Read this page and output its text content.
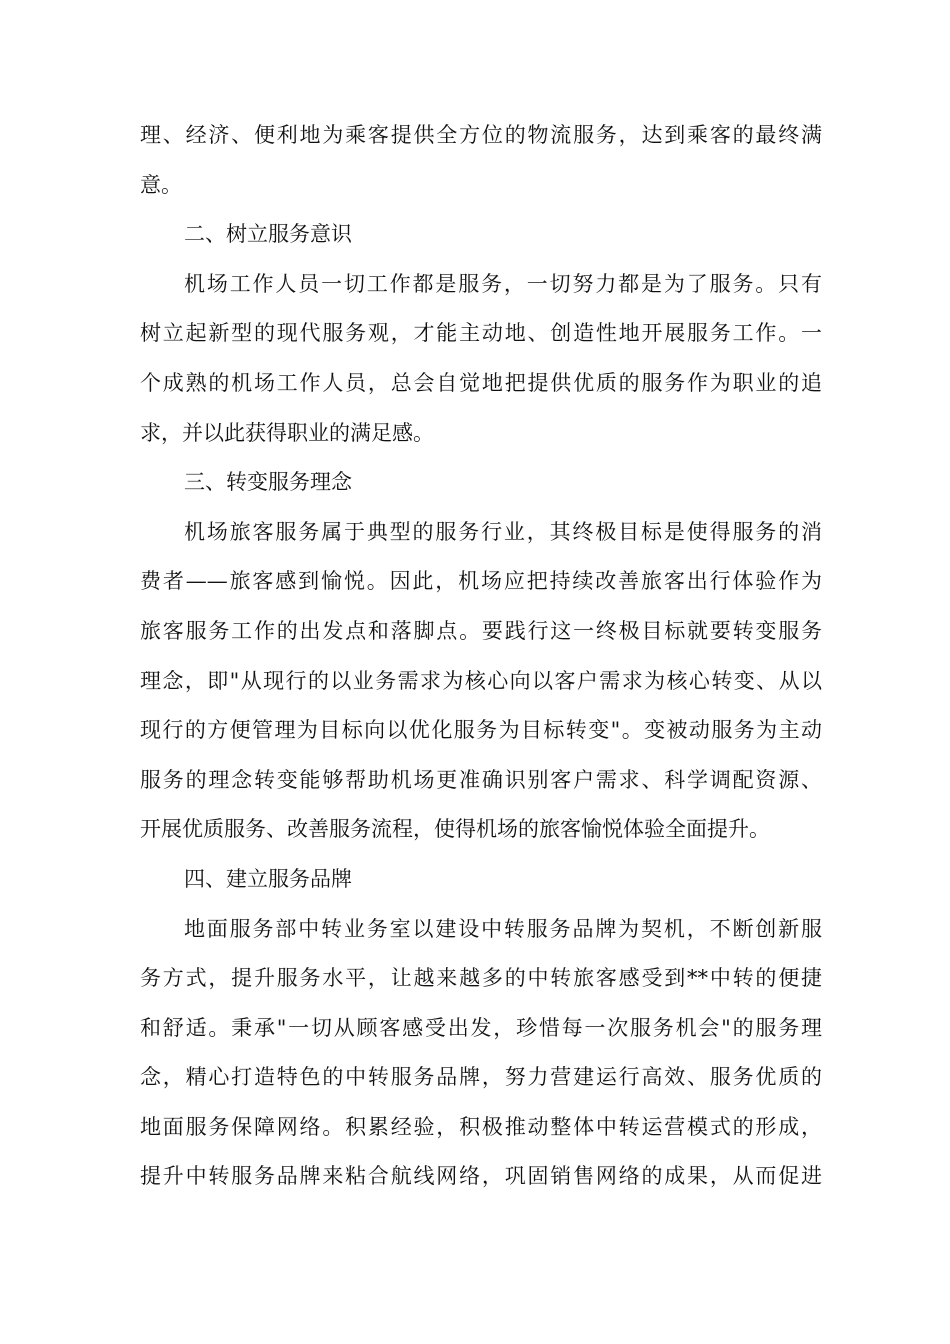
理、经济、便利地为乘客提供全方位的物流服务，达到乘客的最终满
意。
二、树立服务意识
机场工作人员一切工作都是服务，一切努力都是为了服务。只有
树立起新型的现代服务观，才能主动地、创造性地开展服务工作。一
个成熟的机场工作人员，总会自觉地把提供优质的服务作为职业的追
求，并以此获得职业的满足感。
三、转变服务理念
机场旅客服务属于典型的服务行业，其终极目标是使得服务的消
费者——旅客感到愉悦。因此，机场应把持续改善旅客出行体验作为
旅客服务工作的出发点和落脚点。要践行这一终极目标就要转变服务
理念，即"从现行的以业务需求为核心向以客户需求为核心转变、从以
现行的方便管理为目标向以优化服务为目标转变"。变被动服务为主动
服务的理念转变能够帮助机场更准确识别客户需求、科学调配资源、
开展优质服务、改善服务流程，使得机场的旅客愉悦体验全面提升。
四、建立服务品牌
地面服务部中转业务室以建设中转服务品牌为契机，不断创新服
务方式，提升服务水平，让越来越多的中转旅客感受到**中转的便捷
和舒适。秉承"一切从顾客感受出发，珍惜每一次服务机会"的服务理
念，精心打造特色的中转服务品牌，努力营建运行高效、服务优质的
地面服务保障网络。积累经验，积极推动整体中转运营模式的形成，
提升中转服务品牌来粘合航线网络，巩固销售网络的成果，从而促进
